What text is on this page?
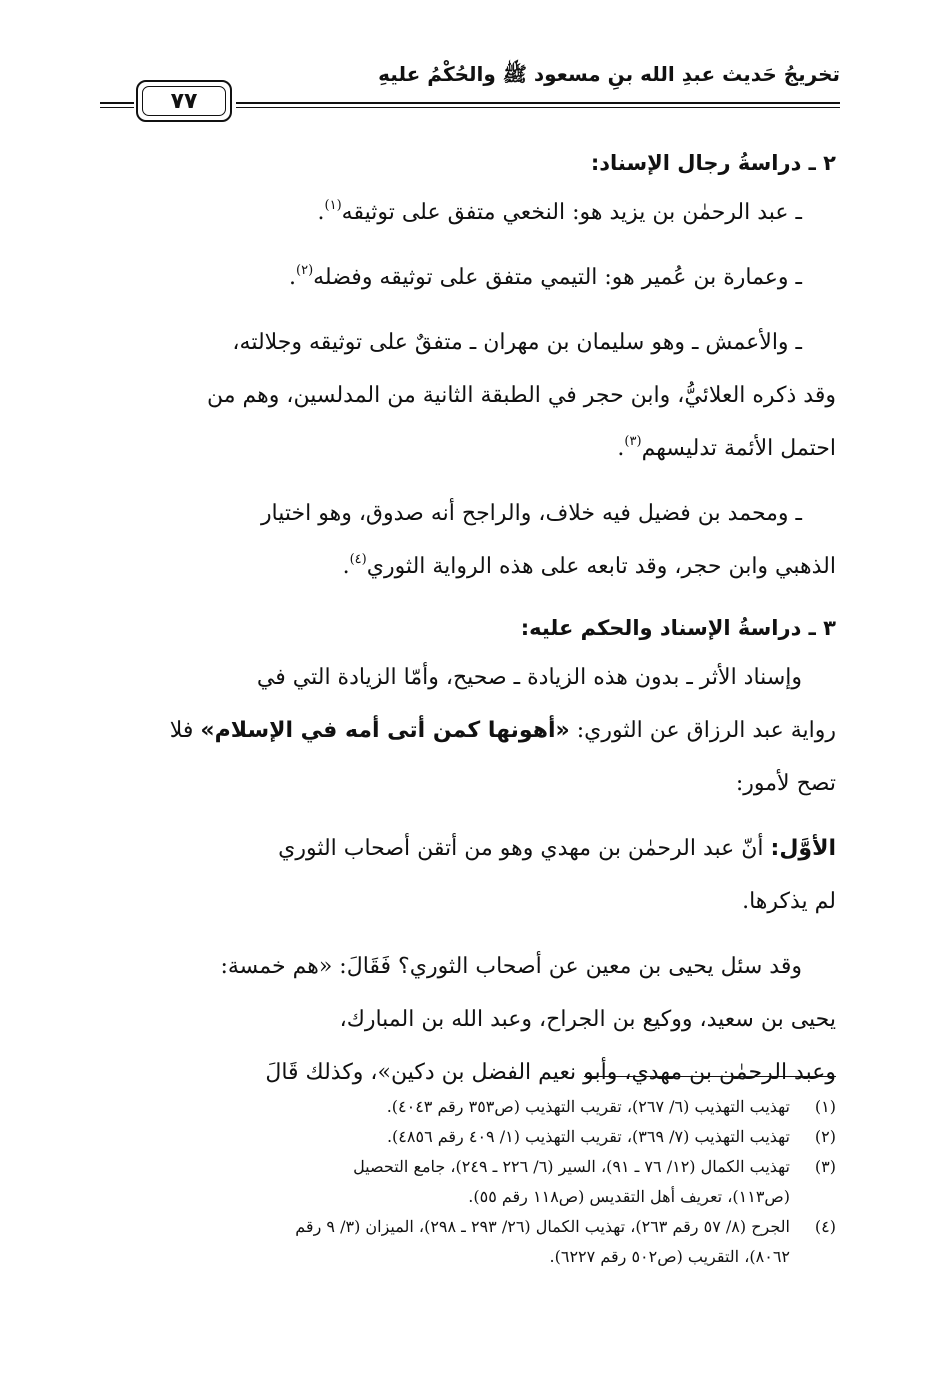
تخريجُ حَديث عبدِ الله بنِ مسعود ﷺ والحُكْمُ عليهِ
٧٧

٢ ـ دراسةُ رجال الإسناد:

ـ عبد الرحمٰن بن يزيد هو: النخعي متفق على توثيقه$^{(١)}$.

ـ وعمارة بن عُمير هو: التيمي متفق على توثيقه وفضله$^{(٢)}$.

ـ والأعمش ـ وهو سليمان بن مهران ـ متفقٌ على توثيقه وجلالته،

وقد ذكره العلائيُّ، وابن حجر في الطبقة الثانية من المدلسين، وهم من

احتمل الأئمة تدليسهم$^{(٣)}$.

ـ ومحمد بن فضيل فيه خلاف، والراجح أنه صدوق، وهو اختيار

الذهبي وابن حجر، وقد تابعه على هذه الرواية الثوري$^{(٤)}$.

٣ ـ دراسةُ الإسناد والحكم عليه:

وإسناد الأثر ـ بدون هذه الزيادة ـ صحيح، وأمّا الزيادة التي في

رواية عبد الرزاق عن الثوري: «أهونها كمن أتى أمه في الإسلام» فلا

تصح لأمور:

الأوَّل: أنّ عبد الرحمٰن بن مهدي وهو من أتقن أصحاب الثوري

لم يذكرها.

وقد سئل يحيى بن معين عن أصحاب الثوري؟ فَقَالَ: «هم خمسة:

يحيى بن سعيد، ووكيع بن الجراح، وعبد الله بن المبارك،

وعبد الرحمٰن بن مهدي، وأبو نعيم الفضل بن دكين»، وكذلك قَالَ

(١)
تهذيب التهذيب (٦/ ٢٦٧)، تقريب التهذيب (ص٣٥٣ رقم ٤٠٤٣).
(٢)
تهذيب التهذيب (٧/ ٣٦٩)، تقريب التهذيب (١/ ٤٠٩ رقم ٤٨٥٦).
(٣)
تهذيب الكمال (١٢/ ٧٦ ـ ٩١)، السير (٦/ ٢٢٦ ـ ٢٤٩)، جامع التحصيل
(ص١١٣)، تعريف أهل التقديس (ص١١٨ رقم ٥٥).
(٤)
الجرح (٨/ ٥٧ رقم ٢٦٣)، تهذيب الكمال (٢٦/ ٢٩٣ ـ ٢٩٨)، الميزان (٣/ ٩ رقم
٨٠٦٢)، التقريب (ص٥٠٢ رقم ٦٢٢٧).
